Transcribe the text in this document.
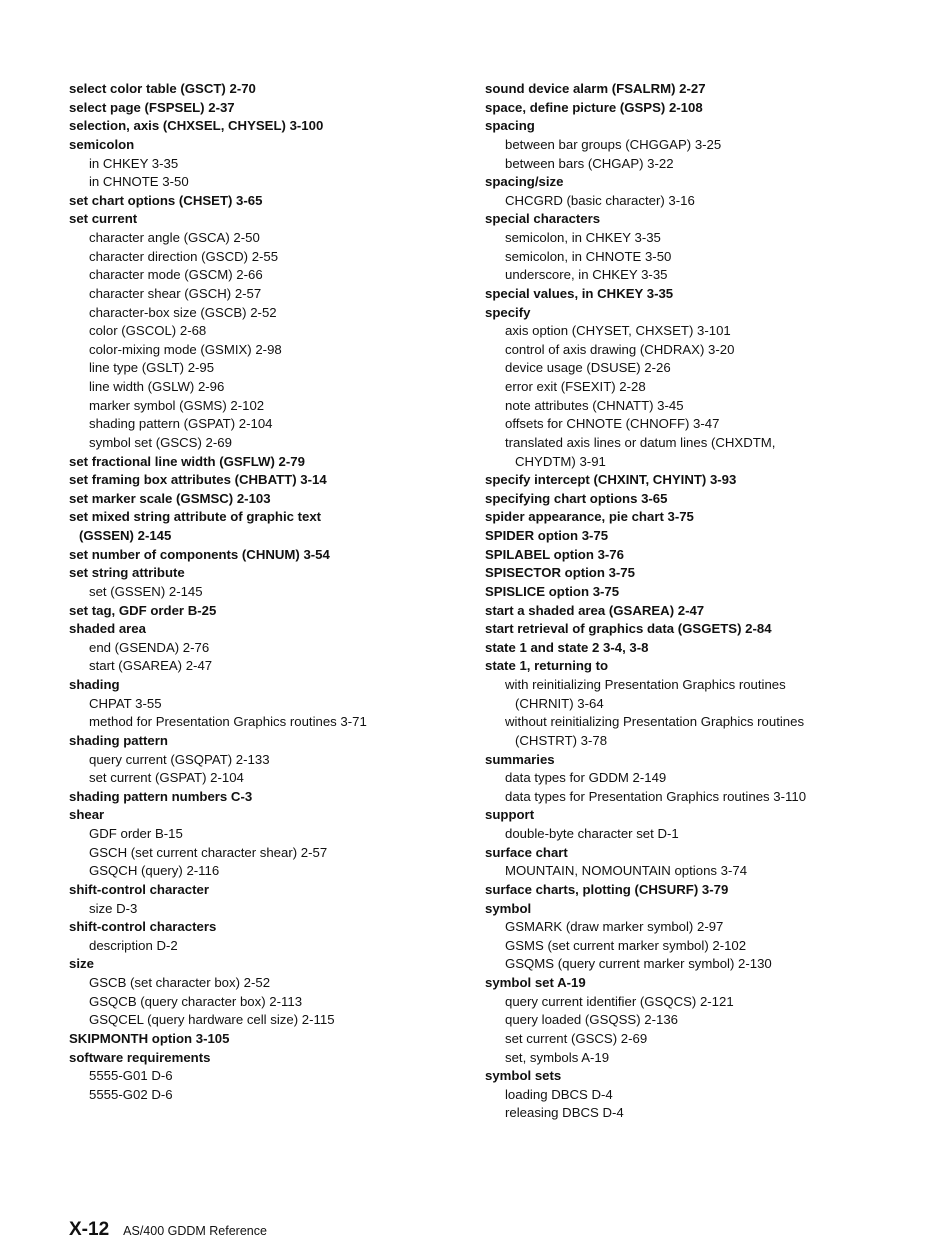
select color table (GSCT) 2-70
select page (FSPSEL) 2-37
selection, axis (CHXSEL, CHYSEL) 3-100
semicolon
in CHKEY 3-35
in CHNOTE 3-50
set chart options (CHSET) 3-65
set current
character angle (GSCA) 2-50
character direction (GSCD) 2-55
character mode (GSCM) 2-66
character shear (GSCH) 2-57
character-box size (GSCB) 2-52
color (GSCOL) 2-68
color-mixing mode (GSMIX) 2-98
line type (GSLT) 2-95
line width (GSLW) 2-96
marker symbol (GSMS) 2-102
shading pattern (GSPAT) 2-104
symbol set (GSCS) 2-69
set fractional line width (GSFLW) 2-79
set framing box attributes (CHBATT) 3-14
set marker scale (GSMSC) 2-103
set mixed string attribute of graphic text
(GSSEN) 2-145
set number of components (CHNUM) 3-54
set string attribute
set (GSSEN) 2-145
set tag, GDF order B-25
shaded area
end (GSENDA) 2-76
start (GSAREA) 2-47
shading
CHPAT 3-55
method for Presentation Graphics routines 3-71
shading pattern
query current (GSQPAT) 2-133
set current (GSPAT) 2-104
shading pattern numbers C-3
shear
GDF order B-15
GSCH (set current character shear) 2-57
GSQCH (query) 2-116
shift-control character
size D-3
shift-control characters
description D-2
size
GSCB (set character box) 2-52
GSQCB (query character box) 2-113
GSQCEL (query hardware cell size) 2-115
SKIPMONTH option 3-105
software requirements
5555-G01 D-6
5555-G02 D-6
sound device alarm (FSALRM) 2-27
space, define picture (GSPS) 2-108
spacing
between bar groups (CHGGAP) 3-25
between bars (CHGAP) 3-22
spacing/size
CHCGRD (basic character) 3-16
special characters
semicolon, in CHKEY 3-35
semicolon, in CHNOTE 3-50
underscore, in CHKEY 3-35
special values, in CHKEY 3-35
specify
axis option (CHYSET, CHXSET) 3-101
control of axis drawing (CHDRAX) 3-20
device usage (DSUSE) 2-26
error exit (FSEXIT) 2-28
note attributes (CHNATT) 3-45
offsets for CHNOTE (CHNOFF) 3-47
translated axis lines or datum lines (CHXDTM,
CHYDTM) 3-91
specify intercept (CHXINT, CHYINT) 3-93
specifying chart options 3-65
spider appearance, pie chart 3-75
SPIDER option 3-75
SPILABEL option 3-76
SPISECTOR option 3-75
SPISLICE option 3-75
start a shaded area (GSAREA) 2-47
start retrieval of graphics data (GSGETS) 2-84
state 1 and state 2 3-4, 3-8
state 1, returning to
with reinitializing Presentation Graphics routines
(CHRNIT) 3-64
without reinitializing Presentation Graphics routines
(CHSTRT) 3-78
summaries
data types for GDDM 2-149
data types for Presentation Graphics routines 3-110
support
double-byte character set D-1
surface chart
MOUNTAIN, NOMOUNTAIN options 3-74
surface charts, plotting (CHSURF) 3-79
symbol
GSMARK (draw marker symbol) 2-97
GSMS (set current marker symbol) 2-102
GSQMS (query current marker symbol) 2-130
symbol set A-19
query current identifier (GSQCS) 2-121
query loaded (GSQSS) 2-136
set current (GSCS) 2-69
set, symbols A-19
symbol sets
loading DBCS D-4
releasing DBCS D-4
X-12 AS/400 GDDM Reference
